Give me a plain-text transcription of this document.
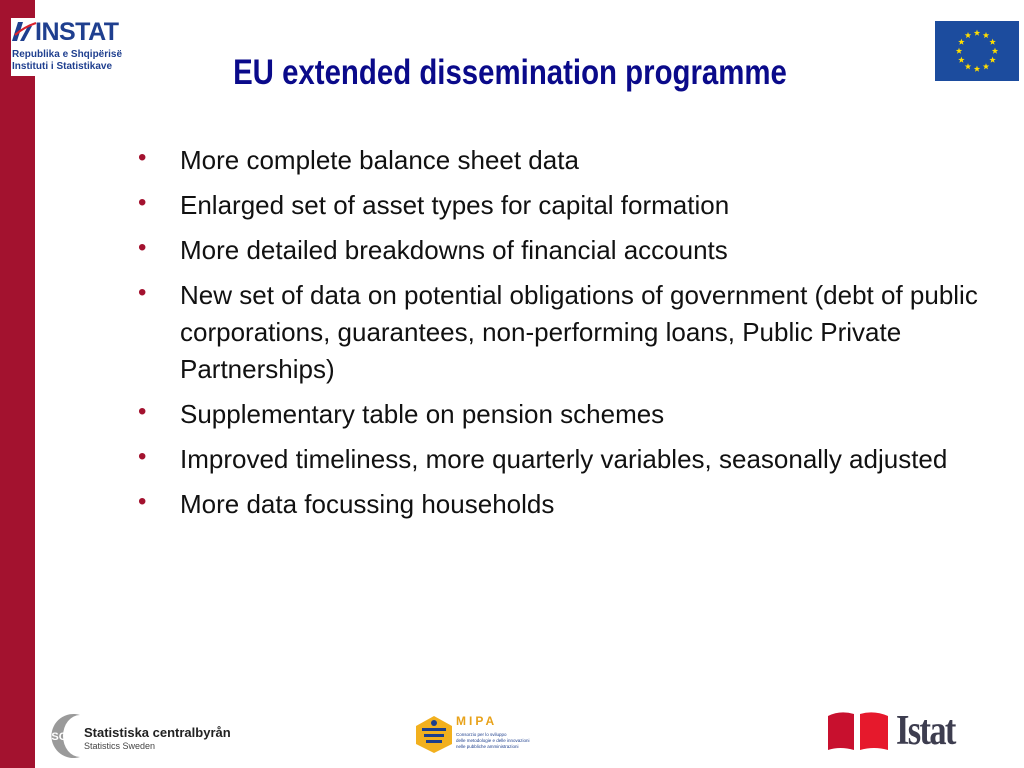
INSTAT
Republika e Shqipërisë
Instituti i Statistikave	EU extended dissemination programme
• More complete balance sheet data
• Enlarged set of asset types for capital formation
• More detailed breakdowns of financial accounts
• New set of data on potential obligations of government (debt of public corporations, guarantees, non-performing loans, Public Private Partnerships)
• Supplementary table on pension schemes
• Improved timeliness, more quarterly variables, seasonally adjusted
• More data focussing households
SCB Statistiska centralbyrån
Statistics Sweden
MIPA
Consorzio per lo sviluppo
delle metodologie e delle innovazioni
nelle pubbliche amministrazioni	Istat
